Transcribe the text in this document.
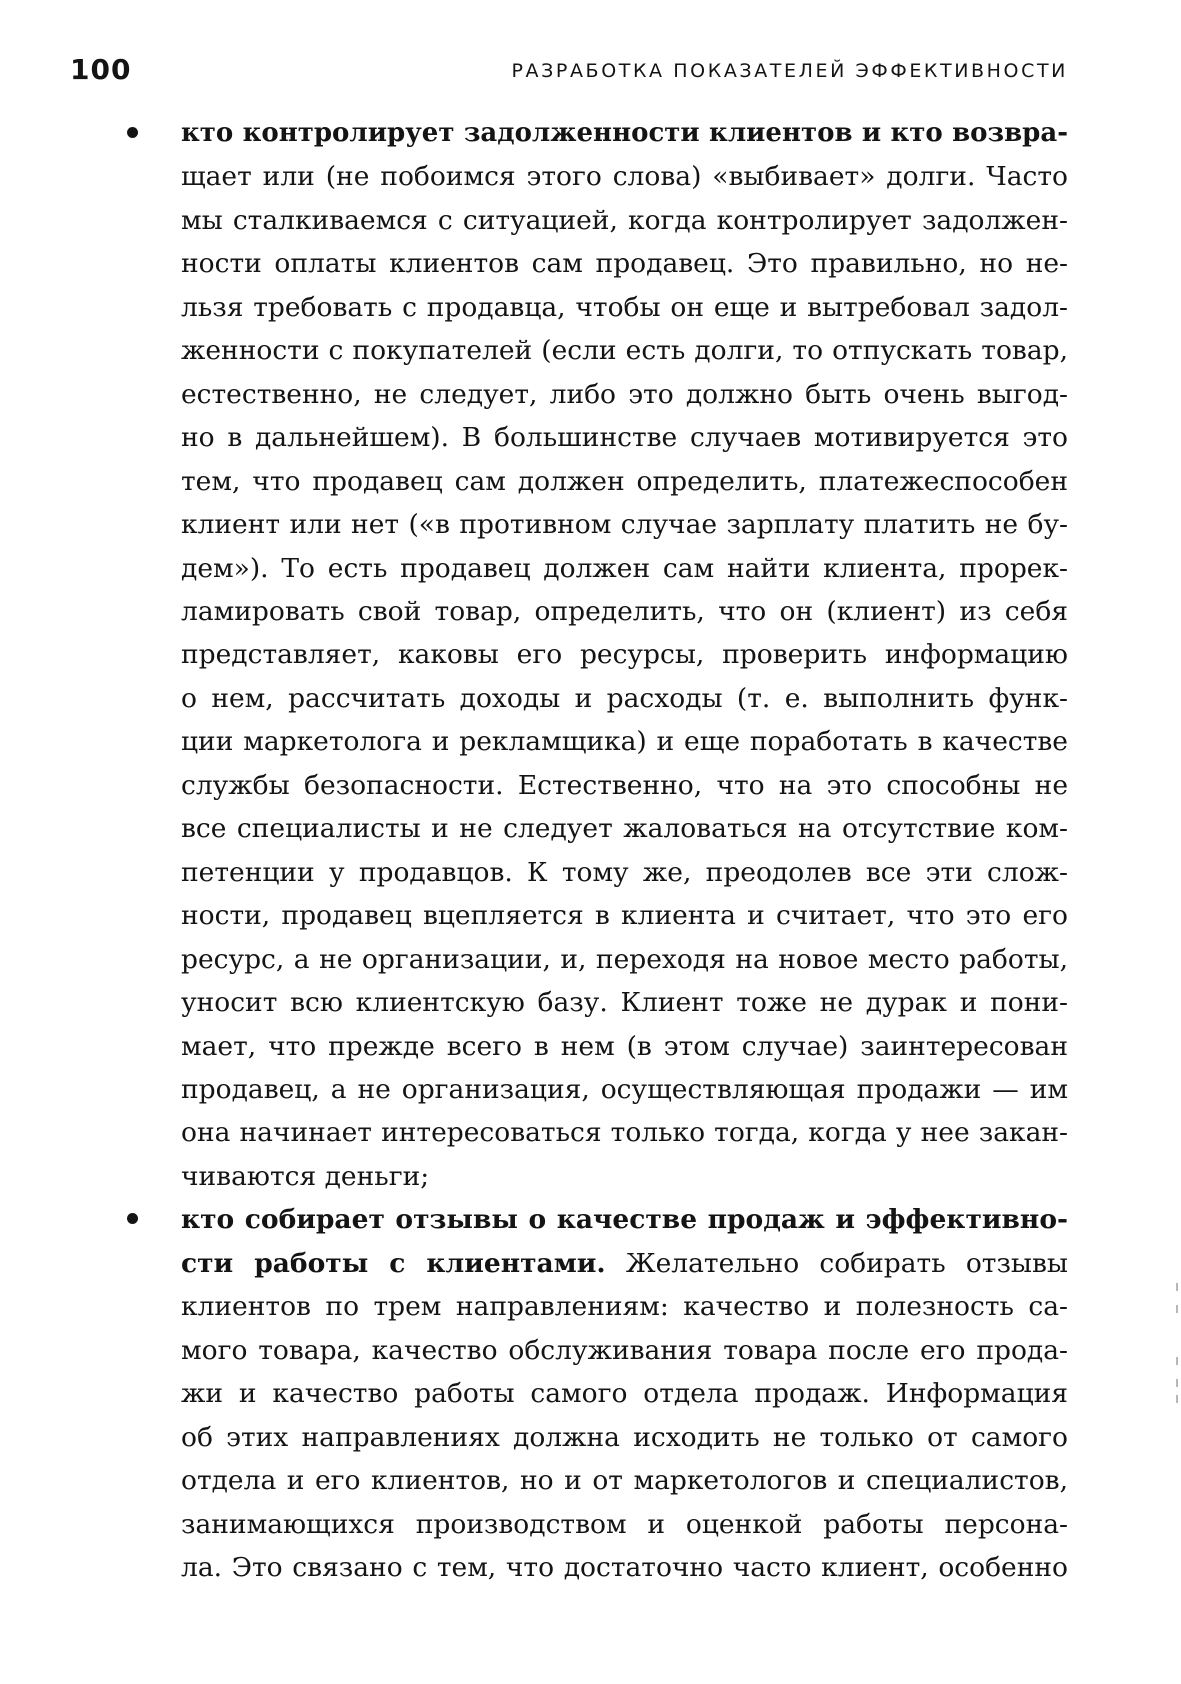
100	РАЗРАБОТКА ПОКАЗАТЕЛЕЙ ЭФФЕКТИВНОСТИ

кто контролирует задолженности клиентов и кто возвра-
щает или (не побоимся этого слова) «выбивает» долги. Часто
мы сталкиваемся с ситуацией, когда контролирует задолжен-
ности оплаты клиентов сам продавец. Это правильно, но не-
льзя требовать с продавца, чтобы он еще и вытребовал задол-
женности с покупателей (если есть долги, то отпускать товар,
естественно, не следует, либо это должно быть очень выгод-
но в дальнейшем). В большинстве случаев мотивируется это
тем, что продавец сам должен определить, платежеспособен
клиент или нет («в противном случае зарплату платить не бу-
дем»). То есть продавец должен сам найти клиента, прорек-
ламировать свой товар, определить, что он (клиент) из себя
представляет, каковы его ресурсы, проверить информацию
о нем, рассчитать доходы и расходы (т. е. выполнить функ-
ции маркетолога и рекламщика) и еще поработать в качестве
службы безопасности. Естественно, что на это способны не
все специалисты и не следует жаловаться на отсутствие ком-
петенции у продавцов. К тому же, преодолев все эти слож-
ности, продавец вцепляется в клиента и считает, что это его
ресурс, а не организации, и, переходя на новое место работы,
уносит всю клиентскую базу. Клиент тоже не дурак и пони-
мает, что прежде всего в нем (в этом случае) заинтересован
продавец, а не организация, осуществляющая продажи — им
она начинает интересоваться только тогда, когда у нее закан-
чиваются деньги;

кто собирает отзывы о качестве продаж и эффективно-
сти работы с клиентами. Желательно собирать отзывы
клиентов по трем направлениям: качество и полезность са-
мого товара, качество обслуживания товара после его прода-
жи и качество работы самого отдела продаж. Информация
об этих направлениях должна исходить не только от самого
отдела и его клиентов, но и от маркетологов и специалистов,
занимающихся производством и оценкой работы персона-
ла. Это связано с тем, что достаточно часто клиент, особенно
